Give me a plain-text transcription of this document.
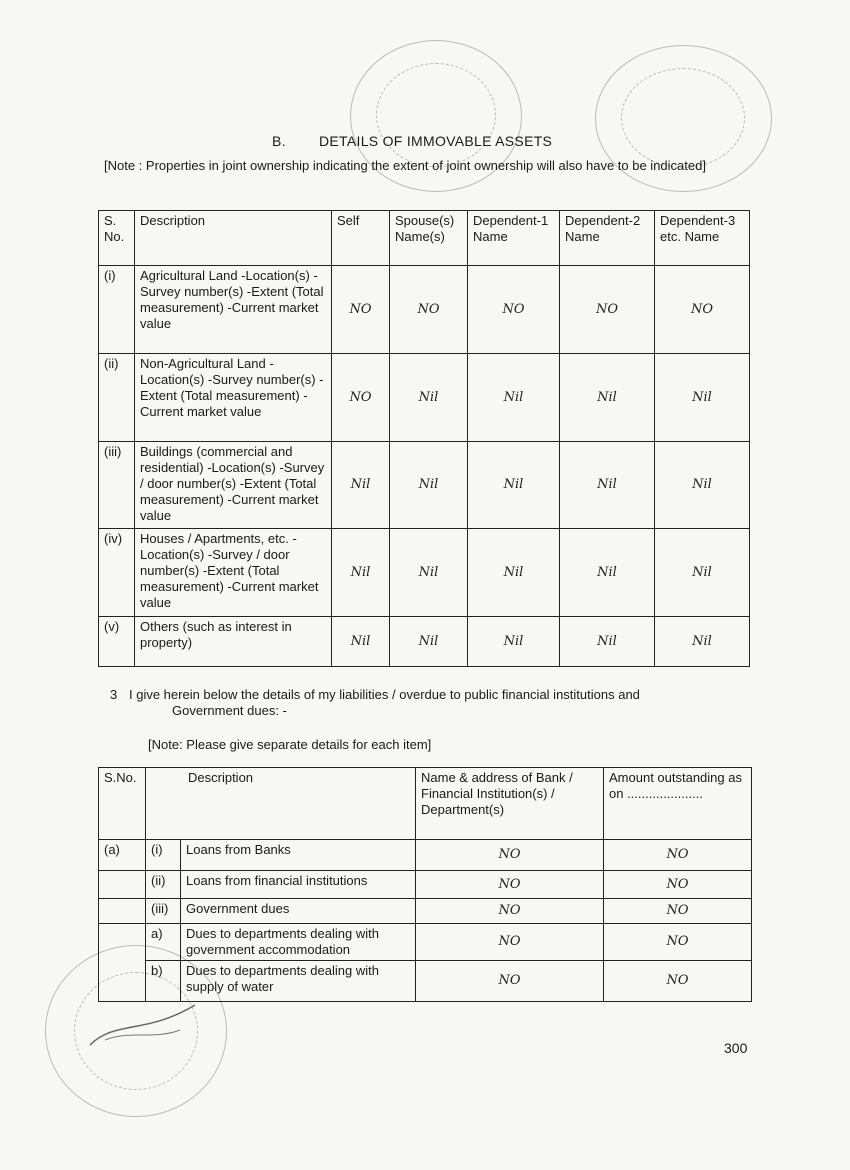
B. DETAILS OF IMMOVABLE ASSETS
[Note : Properties in joint ownership indicating the extent of joint ownership will also have to be indicated]
S. No.	Description	Self	Spouse(s) Name(s)	Dependent-1 Name	Dependent-2 Name	Dependent-3 etc. Name
(i)	Agricultural Land -Location(s) -Survey number(s) -Extent (Total measurement) -Current market value	NO	NO	NO	NO	NO
(ii)	Non-Agricultural Land -Location(s) -Survey number(s) -Extent (Total measurement) -Current market value	NO	Nil	Nil	Nil	Nil
(iii)	Buildings (commercial and residential) -Location(s) -Survey / door number(s) -Extent (Total measurement) -Current market value	Nil	Nil	Nil	Nil	Nil
(iv)	Houses / Apartments, etc. -Location(s) -Survey / door number(s) -Extent (Total measurement) -Current market value	Nil	Nil	Nil	Nil	Nil
(v)	Others (such as interest in property)	Nil	Nil	Nil	Nil	Nil
3 I give herein below the details of my liabilities / overdue to public financial institutions and
Government dues: -
[Note: Please give separate details for each item]
S.No.	Description		Name & address of Bank / Financial Institution(s) / Department(s)	Amount outstanding as on .....................
(a)	(i)	Loans from Banks	NO	NO
	(ii)	Loans from financial institutions	NO	NO
	(iii)	Government dues	NO	NO
	a)	Dues to departments dealing with government accommodation	NO	NO
	b)	Dues to departments dealing with supply of water	NO	NO
300
